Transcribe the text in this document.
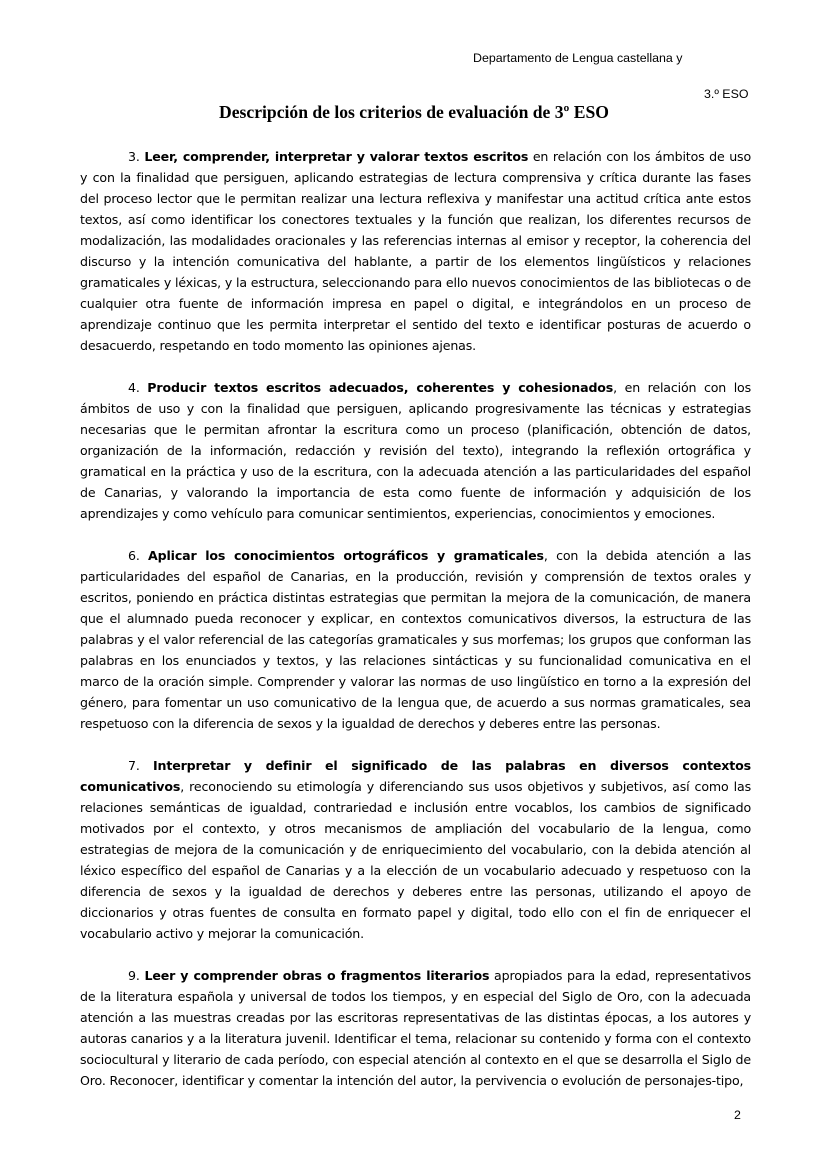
Departamento de Lengua castellana y
3.º ESO
Descripción de los criterios de evaluación de 3º ESO

3. Leer, comprender, interpretar y valorar textos escritos en relación con los ámbitos de uso y con la finalidad que persiguen, aplicando estrategias de lectura comprensiva y crítica durante las fases del proceso lector que le permitan realizar una lectura reflexiva y manifestar una actitud crítica ante estos textos, así como identificar los conectores textuales y la función que realizan, los diferentes recursos de modalización, las modalidades oracionales y las referencias internas al emisor y receptor, la coherencia del discurso y la intención comunicativa del hablante, a partir de los elementos lingüísticos y relaciones gramaticales y léxicas, y la estructura, seleccionando para ello nuevos conocimientos de las bibliotecas o de cualquier otra fuente de información impresa en papel o digital, e integrándolos en un proceso de aprendizaje continuo que les permita interpretar el sentido del texto e identificar posturas de acuerdo o desacuerdo, respetando en todo momento las opiniones ajenas.

4. Producir textos escritos adecuados, coherentes y cohesionados, en relación con los ámbitos de uso y con la finalidad que persiguen, aplicando progresivamente las técnicas y estrategias necesarias que le permitan afrontar la escritura como un proceso (planificación, obtención de datos, organización de la información, redacción y revisión del texto), integrando la reflexión ortográfica y gramatical en la práctica y uso de la escritura, con la adecuada atención a las particularidades del español de Canarias, y valorando la importancia de esta como fuente de información y adquisición de los aprendizajes y como vehículo para comunicar sentimientos, experiencias, conocimientos y emociones.

6. Aplicar los conocimientos ortográficos y gramaticales, con la debida atención a las particularidades del español de Canarias, en la producción, revisión y comprensión de textos orales y escritos, poniendo en práctica distintas estrategias que permitan la mejora de la comunicación, de manera que el alumnado pueda reconocer y explicar, en contextos comunicativos diversos, la estructura de las palabras y el valor referencial de las categorías gramaticales y sus morfemas; los grupos que conforman las palabras en los enunciados y textos, y las relaciones sintácticas y su funcionalidad comunicativa en el marco de la oración simple. Comprender y valorar las normas de uso lingüístico en torno a la expresión del género, para fomentar un uso comunicativo de la lengua que, de acuerdo a sus normas gramaticales, sea respetuoso con la diferencia de sexos y la igualdad de derechos y deberes entre las personas.

7. Interpretar y definir el significado de las palabras en diversos contextos comunicativos, reconociendo su etimología y diferenciando sus usos objetivos y subjetivos, así como las relaciones semánticas de igualdad, contrariedad e inclusión entre vocablos, los cambios de significado motivados por el contexto, y otros mecanismos de ampliación del vocabulario de la lengua, como estrategias de mejora de la comunicación y de enriquecimiento del vocabulario, con la debida atención al léxico específico del español de Canarias y a la elección de un vocabulario adecuado y respetuoso con la diferencia de sexos y la igualdad de derechos y deberes entre las personas, utilizando el apoyo de diccionarios y otras fuentes de consulta en formato papel y digital, todo ello con el fin de enriquecer el vocabulario activo y mejorar la comunicación.

9. Leer y comprender obras o fragmentos literarios apropiados para la edad, representativos de la literatura española y universal de todos los tiempos, y en especial del Siglo de Oro, con la adecuada atención a las muestras creadas por las escritoras representativas de las distintas épocas, a los autores y autoras canarios y a la literatura juvenil. Identificar el tema, relacionar su contenido y forma con el contexto sociocultural y literario de cada período, con especial atención al contexto en el que se desarrolla el Siglo de Oro. Reconocer, identificar y comentar la intención del autor, la pervivencia o evolución de personajes-tipo,

2
